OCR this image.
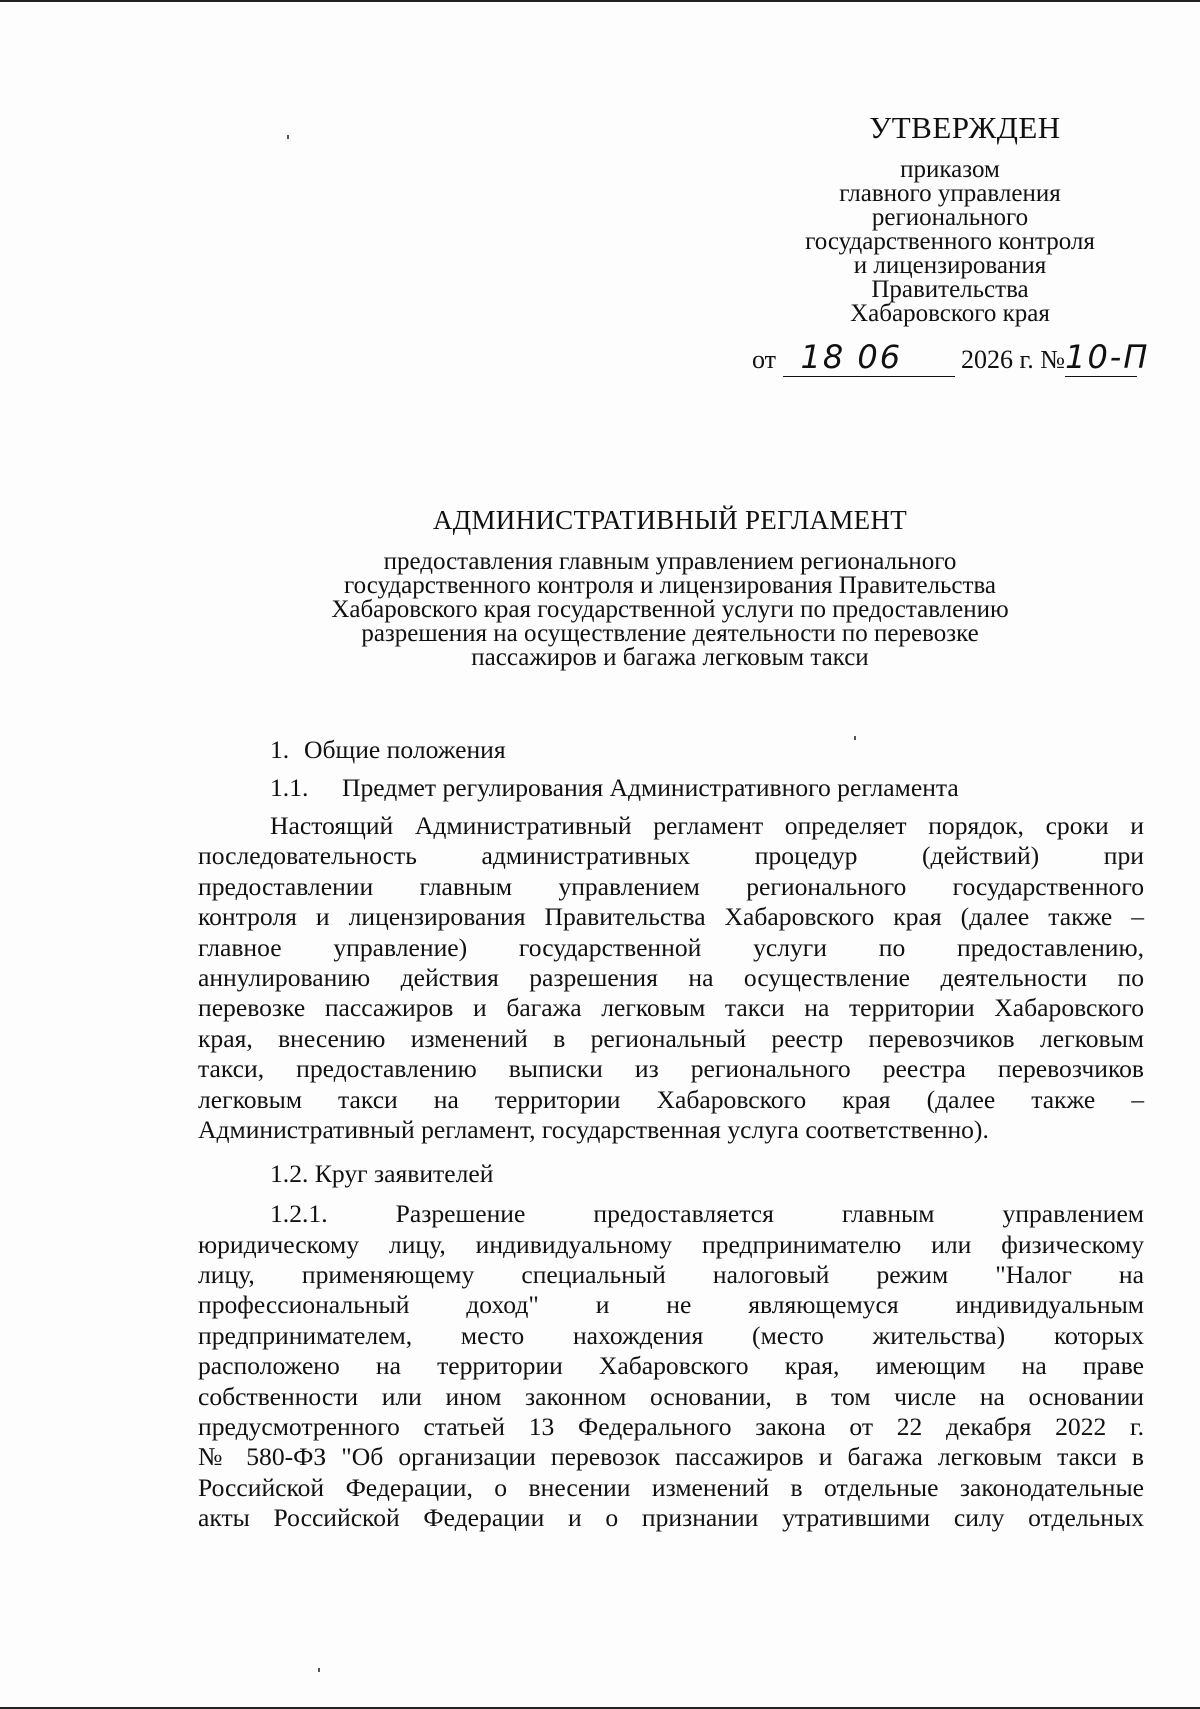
УТВЕРЖДЕН
приказом
главного управления
регионального
государственного контроля
и лицензирования
Правительства
Хабаровского края
от 18 06 2026 г. №10-П
АДМИНИСТРАТИВНЫЙ РЕГЛАМЕНТ
предоставления главным управлением регионального
государственного контроля и лицензирования Правительства
Хабаровского края государственной услуги по предоставлению
разрешения на осуществление деятельности по перевозке
пассажиров и багажа легковым такси
1. Общие положения
1.1. Предмет регулирования Административного регламента
Настоящий Административный регламент определяет порядок, сроки и
последовательность административных процедур (действий) при
предоставлении главным управлением регионального государственного
контроля и лицензирования Правительства Хабаровского края (далее также –
главное управление) государственной услуги по предоставлению,
аннулированию действия разрешения на осуществление деятельности по
перевозке пассажиров и багажа легковым такси на территории Хабаровского
края, внесению изменений в региональный реестр перевозчиков легковым
такси, предоставлению выписки из регионального реестра перевозчиков
легковым такси на территории Хабаровского края (далее также –
Административный регламент, государственная услуга соответственно).
1.2. Круг заявителей
1.2.1. Разрешение предоставляется главным управлением
юридическому лицу, индивидуальному предпринимателю или физическому
лицу, применяющему специальный налоговый режим "Налог на
профессиональный доход" и не являющемуся индивидуальным
предпринимателем, место нахождения (место жительства) которых
расположено на территории Хабаровского края, имеющим на праве
собственности или ином законном основании, в том числе на основании
предусмотренного статьей 13 Федерального закона от 22 декабря 2022 г.
№ 580-ФЗ "Об организации перевозок пассажиров и багажа легковым такси в
Российской Федерации, о внесении изменений в отдельные законодательные
акты Российской Федерации и о признании утратившими силу отдельных
